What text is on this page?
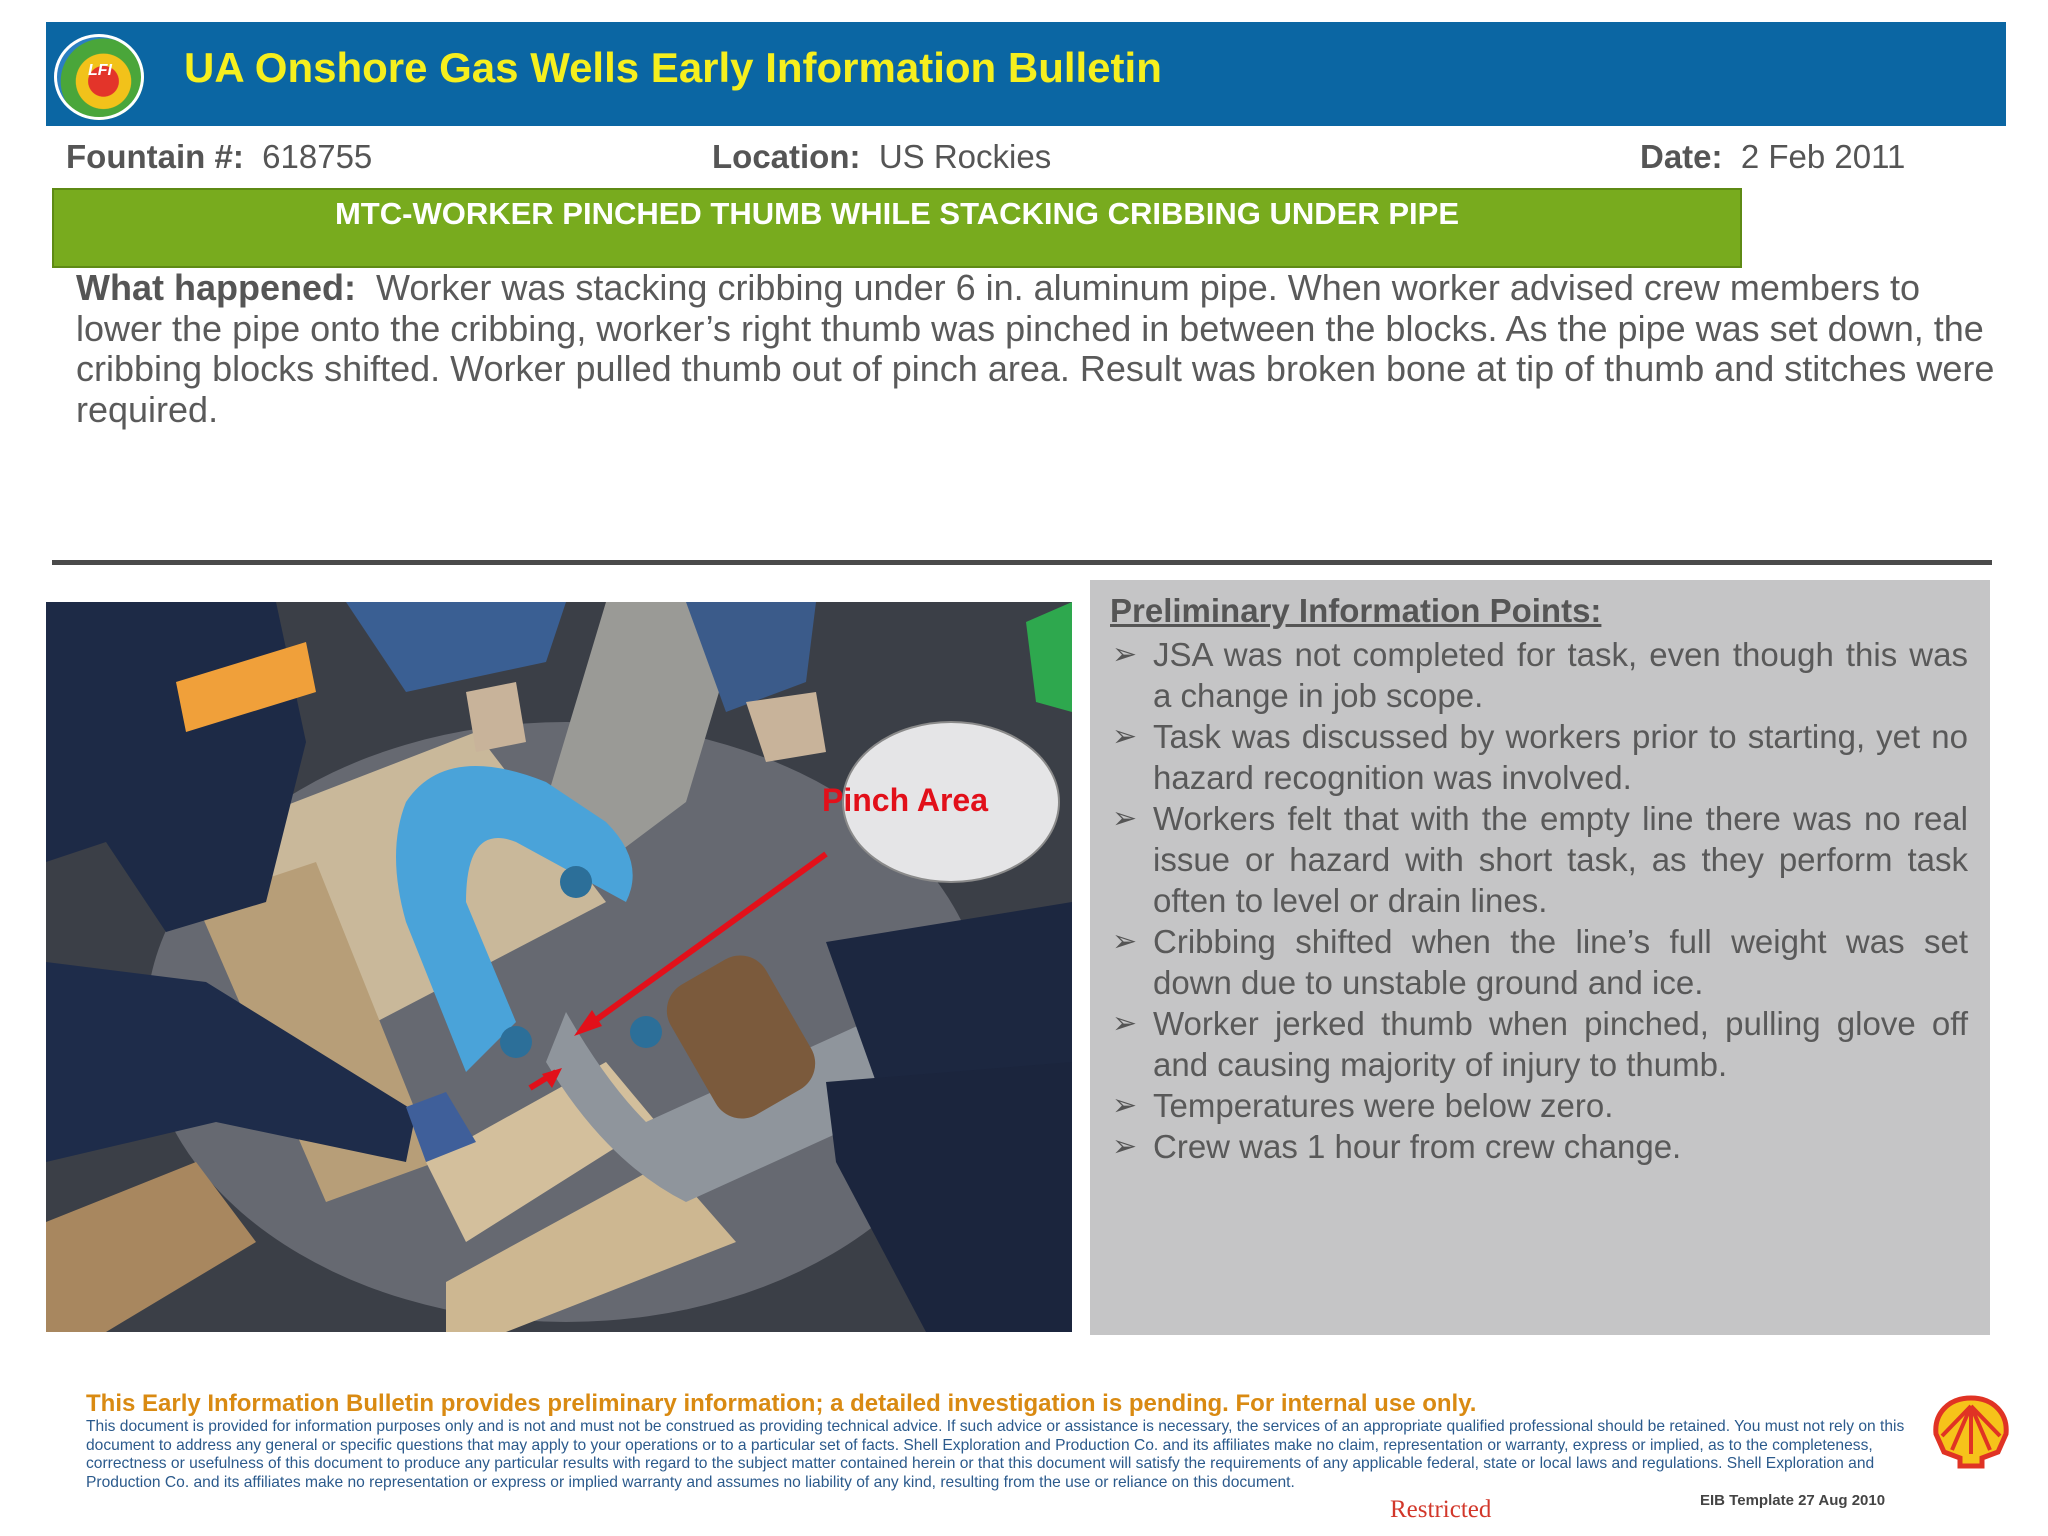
LFI UA Onshore Gas Wells Early Information Bulletin
Fountain #: 618755	Location: US Rockies	Date: 2 Feb 2011
MTC-WORKER PINCHED THUMB WHILE STACKING CRIBBING UNDER PIPE
What happened: Worker was stacking cribbing under 6 in. aluminum pipe. When worker advised crew members to lower the pipe onto the cribbing, worker’s right thumb was pinched in between the blocks. As the pipe was set down, the cribbing blocks shifted. Worker pulled thumb out of pinch area. Result was broken bone at tip of thumb and stitches were required.
Pinch Area
Preliminary Information Points:
➢ JSA was not completed for task, even though this was a change in job scope.
➢ Task was discussed by workers prior to starting, yet no hazard recognition was involved.
➢ Workers felt that with the empty line there was no real issue or hazard with short task, as they perform task often to level or drain lines.
➢ Cribbing shifted when the line’s full weight was set down due to unstable ground and ice.
➢ Worker jerked thumb when pinched, pulling glove off and causing majority of injury to thumb.
➢ Temperatures were below zero.
➢ Crew was 1 hour from crew change.
This Early Information Bulletin provides preliminary information; a detailed investigation is pending. For internal use only.
This document is provided for information purposes only and is not and must not be construed as providing technical advice. If such advice or assistance is necessary, the services of an appropriate qualified professional should be retained. You must not rely on this document to address any general or specific questions that may apply to your operations or to a particular set of facts. Shell Exploration and Production Co. and its affiliates make no claim, representation or warranty, express or implied, as to the completeness, correctness or usefulness of this document to produce any particular results with regard to the subject matter contained herein or that this document will satisfy the requirements of any applicable federal, state or local laws and regulations. Shell Exploration and Production Co. and its affiliates make no representation or express or implied warranty and assumes no liability of any kind, resulting from the use or reliance on this document.
Restricted	EIB Template 27 Aug 2010
